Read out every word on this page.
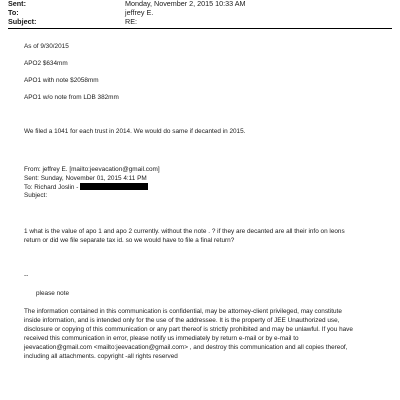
Sent:	Monday, November 2, 2015 10:33 AM
To:	jeffrey E.
Subject:	RE:
As of 9/30/2015
APO2 $634mm
APO1 with note $2058mm
APO1 w/o note from LDB 382mm
We filed a 1041 for each trust in 2014. We would do same if decanted in 2015.
From: jeffrey E. [mailto:jeevacation@gmail.com]
Sent: Sunday, November 01, 2015 4:11 PM
To: Richard Joslin -
Subject:
1 what is the value of apo 1 and apo 2 currently. without the note . ? if they are decanted are all their info on leons
return or did we file separate tax id. so we would have to file a final return?
--
please note
The information contained in this communication is confidential, may be attorney-client privileged, may constitute
inside information, and is intended only for the use of the addressee. It is the property of JEE Unauthorized use,
disclosure or copying of this communication or any part thereof is strictly prohibited and may be unlawful. If you have
received this communication in error, please notify us immediately by return e-mail or by e-mail to
jeevacation@gmail.com <mailto:jeevacation@gmail.com> , and destroy this communication and all copies thereof,
including all attachments. copyright -all rights reserved
